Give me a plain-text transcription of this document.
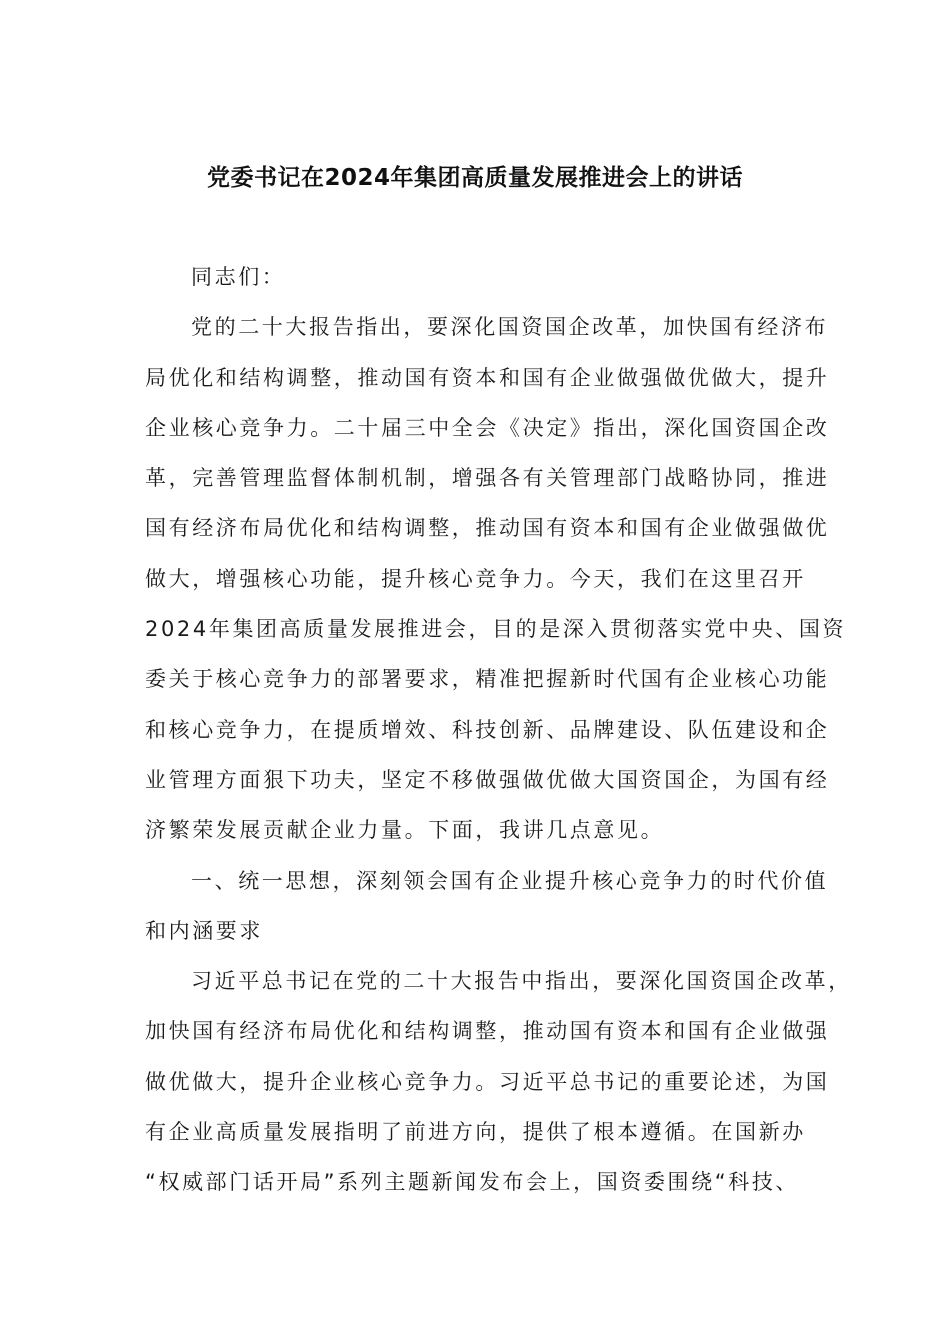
党委书记在2024年集团高质量发展推进会上的讲话
同志们：
党的二十大报告指出，要深化国资国企改革，加快国有经济布
局优化和结构调整，推动国有资本和国有企业做强做优做大，提升
企业核心竞争力。二十届三中全会《决定》指出，深化国资国企改
革，完善管理监督体制机制，增强各有关管理部门战略协同，推进
国有经济布局优化和结构调整，推动国有资本和国有企业做强做优
做大，增强核心功能，提升核心竞争力。今天，我们在这里召开
2024年集团高质量发展推进会，目的是深入贯彻落实党中央、国资
委关于核心竞争力的部署要求，精准把握新时代国有企业核心功能
和核心竞争力，在提质增效、科技创新、品牌建设、队伍建设和企
业管理方面狠下功夫，坚定不移做强做优做大国资国企，为国有经
济繁荣发展贡献企业力量。下面，我讲几点意见。
一、统一思想，深刻领会国有企业提升核心竞争力的时代价值
和内涵要求
习近平总书记在党的二十大报告中指出，要深化国资国企改革，
加快国有经济布局优化和结构调整，推动国有资本和国有企业做强
做优做大，提升企业核心竞争力。习近平总书记的重要论述，为国
有企业高质量发展指明了前进方向，提供了根本遵循。在国新办
“权威部门话开局”系列主题新闻发布会上，国资委围绕“科技、
